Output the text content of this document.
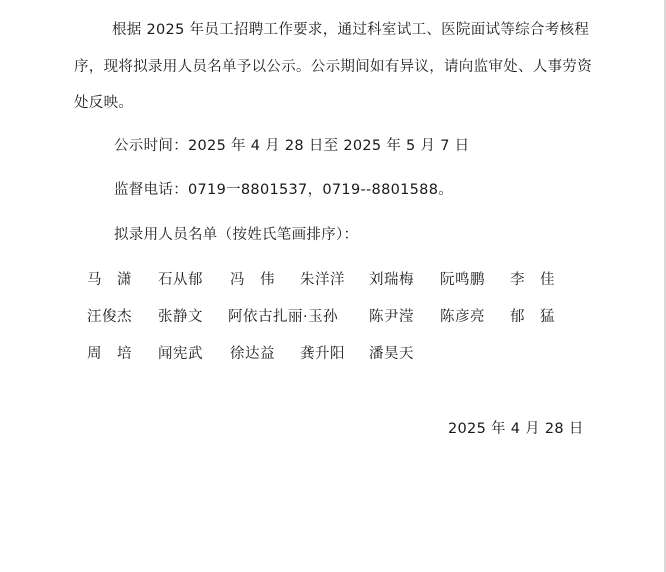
根据 2025 年员工招聘工作要求，通过科室试工、医院面试等综合考核程序，现将拟录用人员名单予以公示。公示期间如有异议，请向监审处、人事劳资处反映。

公示时间：2025 年 4 月 28 日至 2025 年 5 月 7 日

监督电话：0719一8801537，0719--8801588。

拟录用人员名单（按姓氏笔画排序）：

马　潇 石从郁 冯　伟 朱洋洋 刘瑞梅 阮鸣鹏 李　佳
汪俊杰 张静文 阿依古扎丽·玉孙 陈尹滢 陈彦亮 郁　猛
周　培 闻宪武 徐达益 龚升阳 潘昊天
2025 年 4 月 28 日
